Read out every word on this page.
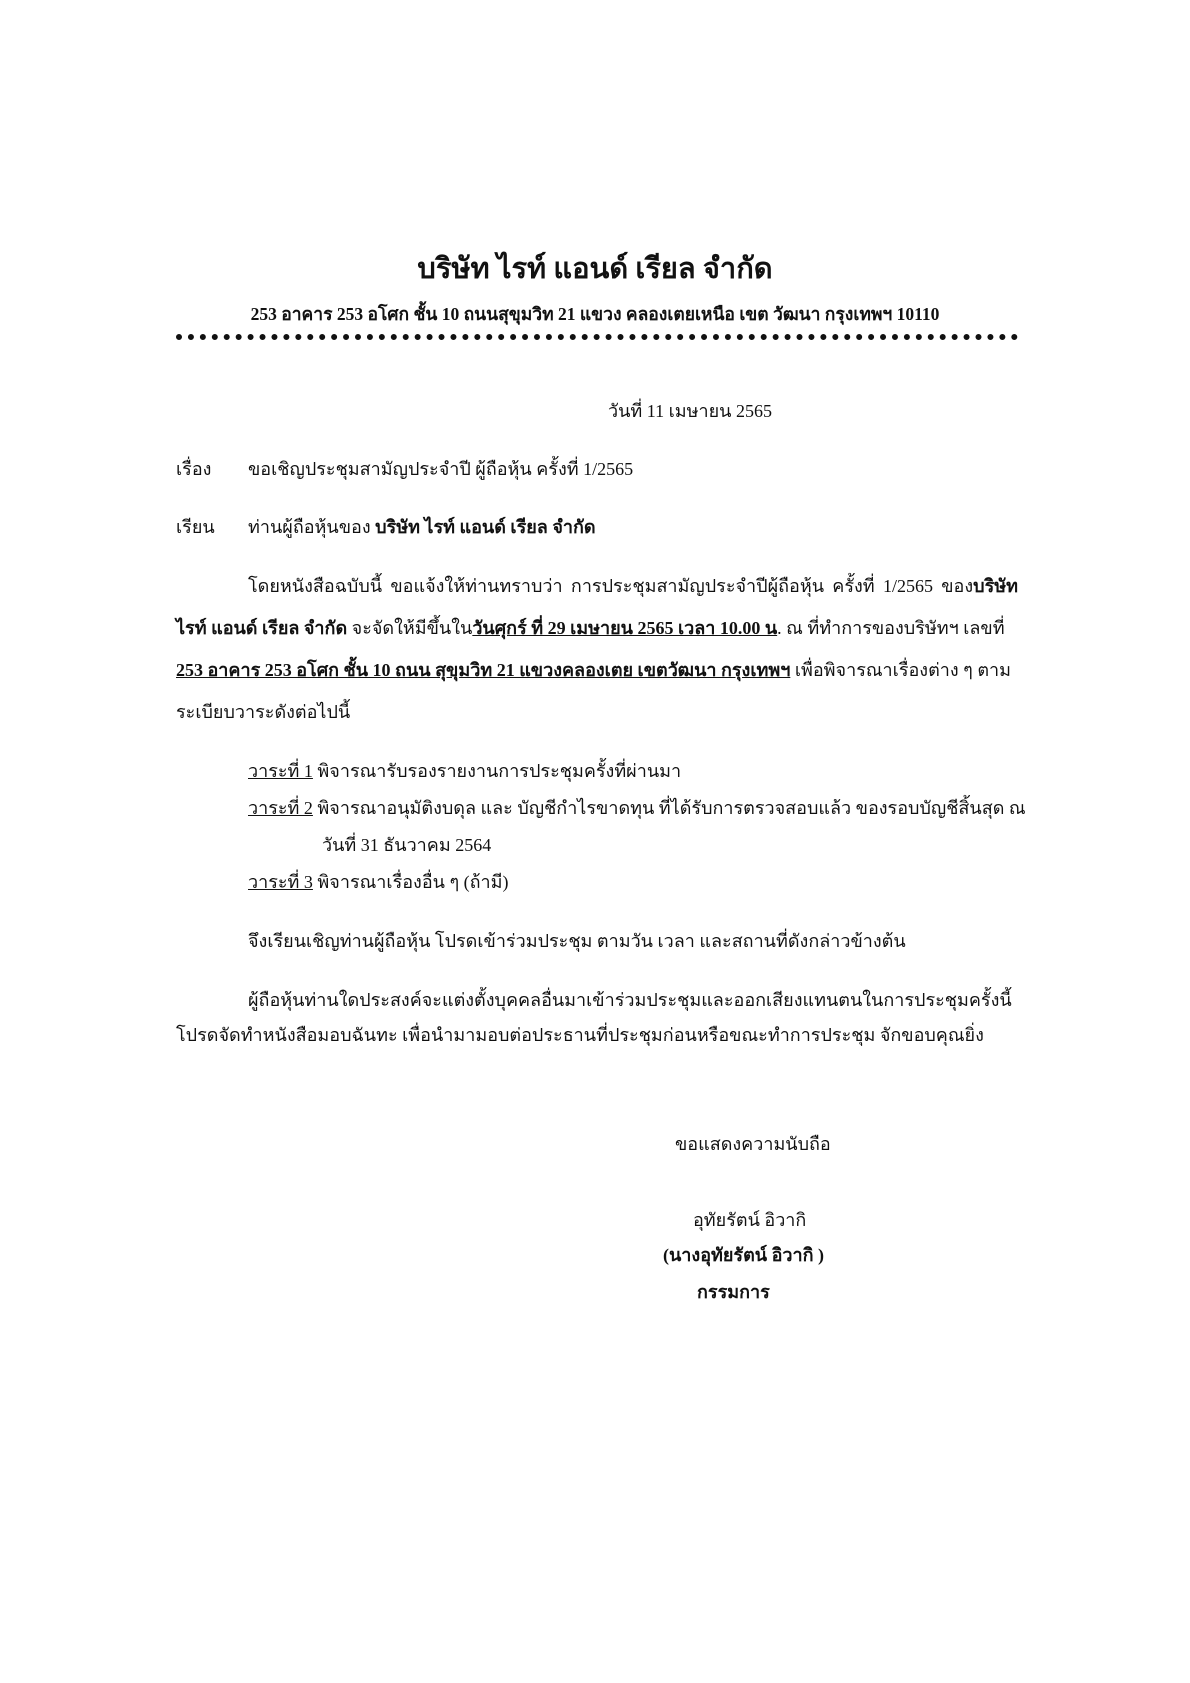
บริษัท ไรท์ แอนด์ เรียล จำกัด
253 อาคาร 253 อโศก ชั้น 10 ถนนสุขุมวิท 21 แขวง คลองเตยเหนือ เขต วัฒนา กรุงเทพฯ 10110
วันที่ 11 เมษายน 2565
เรื่อง ขอเชิญประชุมสามัญประจำปี ผู้ถือหุ้น ครั้งที่ 1/2565
เรียน ท่านผู้ถือหุ้นของ บริษัท ไรท์ แอนด์ เรียล จำกัด
โดยหนังสือฉบับนี้ ขอแจ้งให้ท่านทราบว่า การประชุมสามัญประจำปีผู้ถือหุ้น ครั้งที่ 1/2565 ของบริษัท
ไรท์ แอนด์ เรียล จำกัด จะจัดให้มีขึ้นในวันศุกร์ ที่ 29 เมษายน 2565 เวลา 10.00 น. ณ ที่ทำการของบริษัทฯ เลขที่
253 อาคาร 253 อโศก ชั้น 10 ถนน สุขุมวิท 21 แขวงคลองเตย เขตวัฒนา กรุงเทพฯ เพื่อพิจารณาเรื่องต่าง ๆ ตาม
ระเบียบวาระดังต่อไปนี้
วาระที่ 1 พิจารณารับรองรายงานการประชุมครั้งที่ผ่านมา
วาระที่ 2 พิจารณาอนุมัติงบดุล และ บัญชีกำไรขาดทุน ที่ได้รับการตรวจสอบแล้ว ของรอบบัญชีสิ้นสุด ณ
วันที่ 31 ธันวาคม 2564
วาระที่ 3 พิจารณาเรื่องอื่น ๆ (ถ้ามี)
จึงเรียนเชิญท่านผู้ถือหุ้น โปรดเข้าร่วมประชุม ตามวัน เวลา และสถานที่ดังกล่าวข้างต้น
ผู้ถือหุ้นท่านใดประสงค์จะแต่งตั้งบุคคลอื่นมาเข้าร่วมประชุมและออกเสียงแทนตนในการประชุมครั้งนี้
โปรดจัดทำหนังสือมอบฉันทะ เพื่อนำมามอบต่อประธานที่ประชุมก่อนหรือขณะทำการประชุม จักขอบคุณยิ่ง
ขอแสดงความนับถือ
อุทัยรัตน์ อิวากิ
(นางอุทัยรัตน์ อิวากิ )
กรรมการ
